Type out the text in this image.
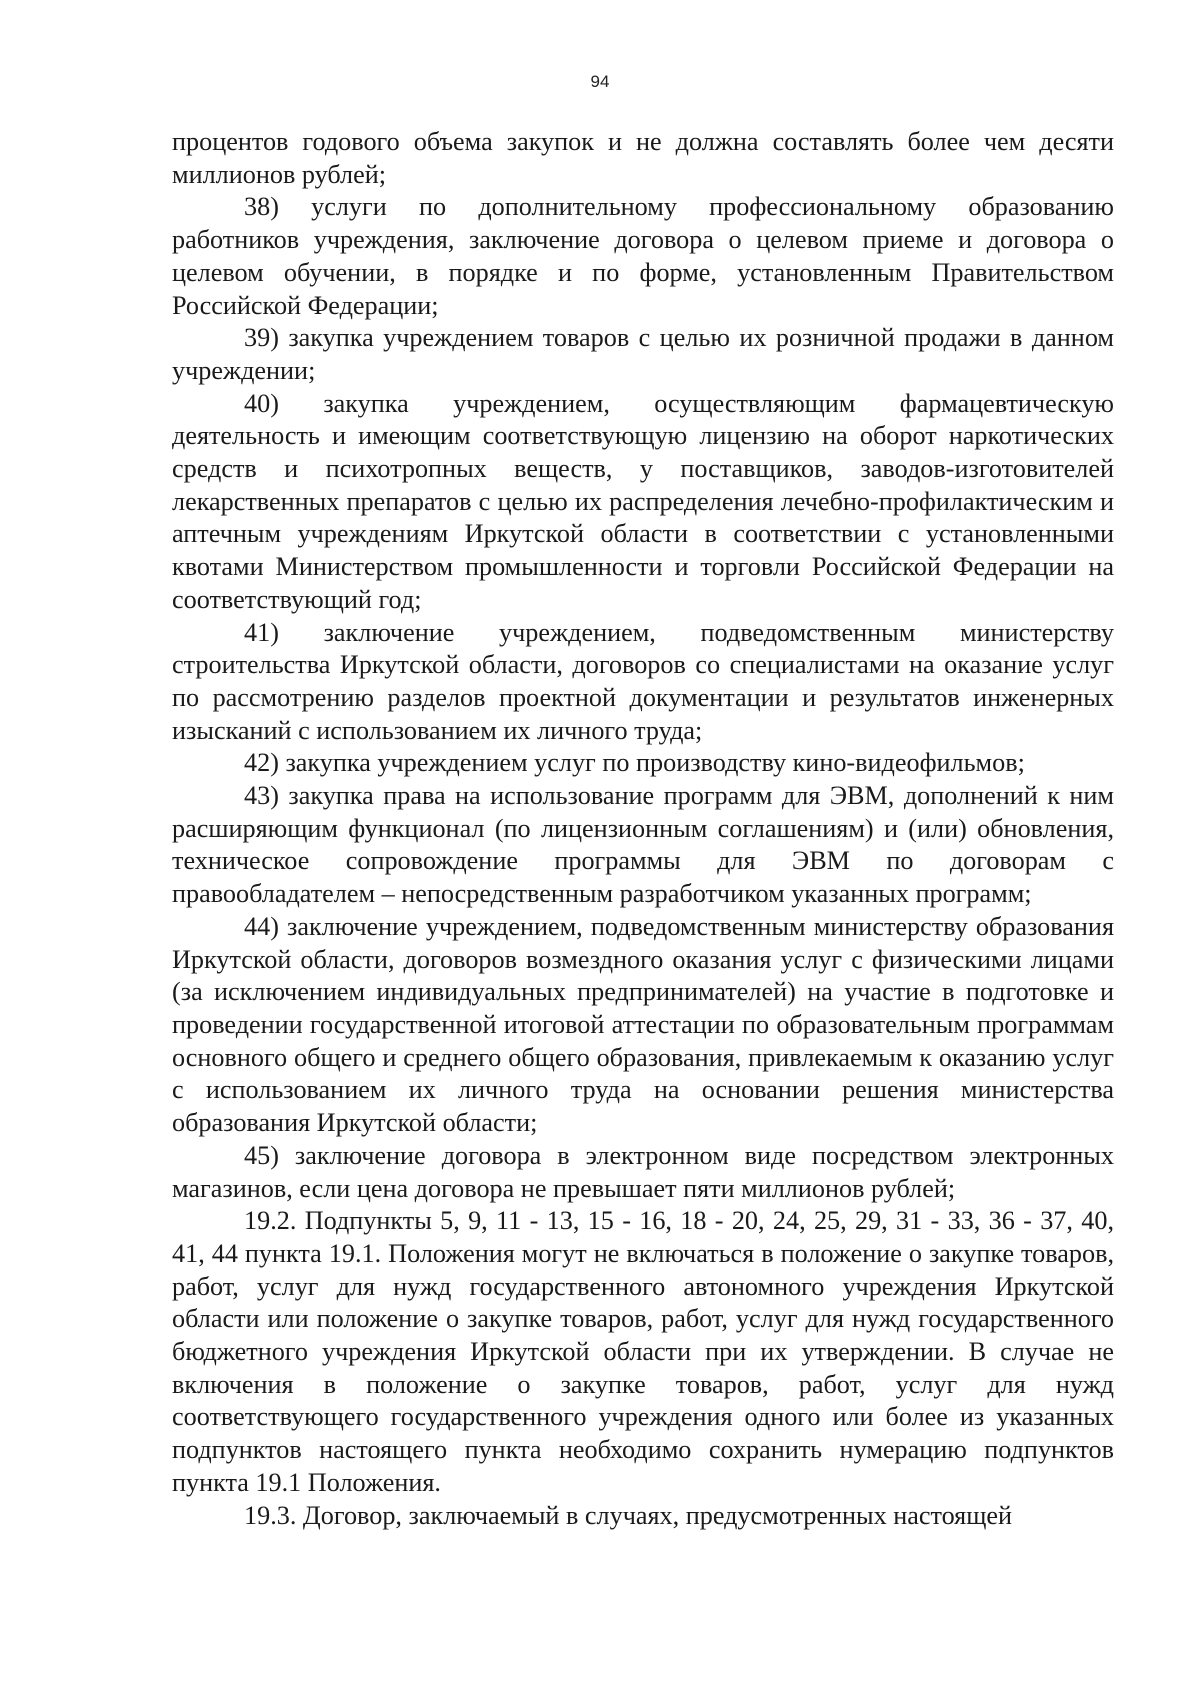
94

процентов годового объема закупок и не должна составлять более чем десяти миллионов рублей;

38) услуги по дополнительному профессиональному образованию работников учреждения, заключение договора о целевом приеме и договора о целевом обучении, в порядке и по форме, установленным Правительством Российской Федерации;

39) закупка учреждением товаров с целью их розничной продажи в данном учреждении;

40) закупка учреждением, осуществляющим фармацевтическую деятельность и имеющим соответствующую лицензию на оборот наркотических средств и психотропных веществ, у поставщиков, заводов-изготовителей лекарственных препаратов с целью их распределения лечебно-профилактическим и аптечным учреждениям Иркутской области в соответствии с установленными квотами Министерством промышленности и торговли Российской Федерации на соответствующий год;

41) заключение учреждением, подведомственным министерству строительства Иркутской области, договоров со специалистами на оказание услуг по рассмотрению разделов проектной документации и результатов инженерных изысканий с использованием их личного труда;

42) закупка учреждением услуг по производству кино-видеофильмов;

43) закупка права на использование программ для ЭВМ, дополнений к ним расширяющим функционал (по лицензионным соглашениям) и (или) обновления, техническое сопровождение программы для ЭВМ по договорам с правообладателем – непосредственным разработчиком указанных программ;

44) заключение учреждением, подведомственным министерству образования Иркутской области, договоров возмездного оказания услуг с физическими лицами (за исключением индивидуальных предпринимателей) на участие в подготовке и проведении государственной итоговой аттестации по образовательным программам основного общего и среднего общего образования, привлекаемым к оказанию услуг с использованием их личного труда на основании решения министерства образования Иркутской области;

45) заключение договора в электронном виде посредством электронных магазинов, если цена договора не превышает пяти миллионов рублей;

19.2. Подпункты 5, 9, 11 - 13, 15 - 16, 18 - 20, 24, 25, 29, 31 - 33, 36 - 37, 40, 41, 44 пункта 19.1. Положения могут не включаться в положение о закупке товаров, работ, услуг для нужд государственного автономного учреждения Иркутской области или положение о закупке товаров, работ, услуг для нужд государственного бюджетного учреждения Иркутской области при их утверждении. В случае не включения в положение о закупке товаров, работ, услуг для нужд соответствующего государственного учреждения одного или более из указанных подпунктов настоящего пункта необходимо сохранить нумерацию подпунктов пункта 19.1 Положения.

19.3. Договор, заключаемый в случаях, предусмотренных настоящей
